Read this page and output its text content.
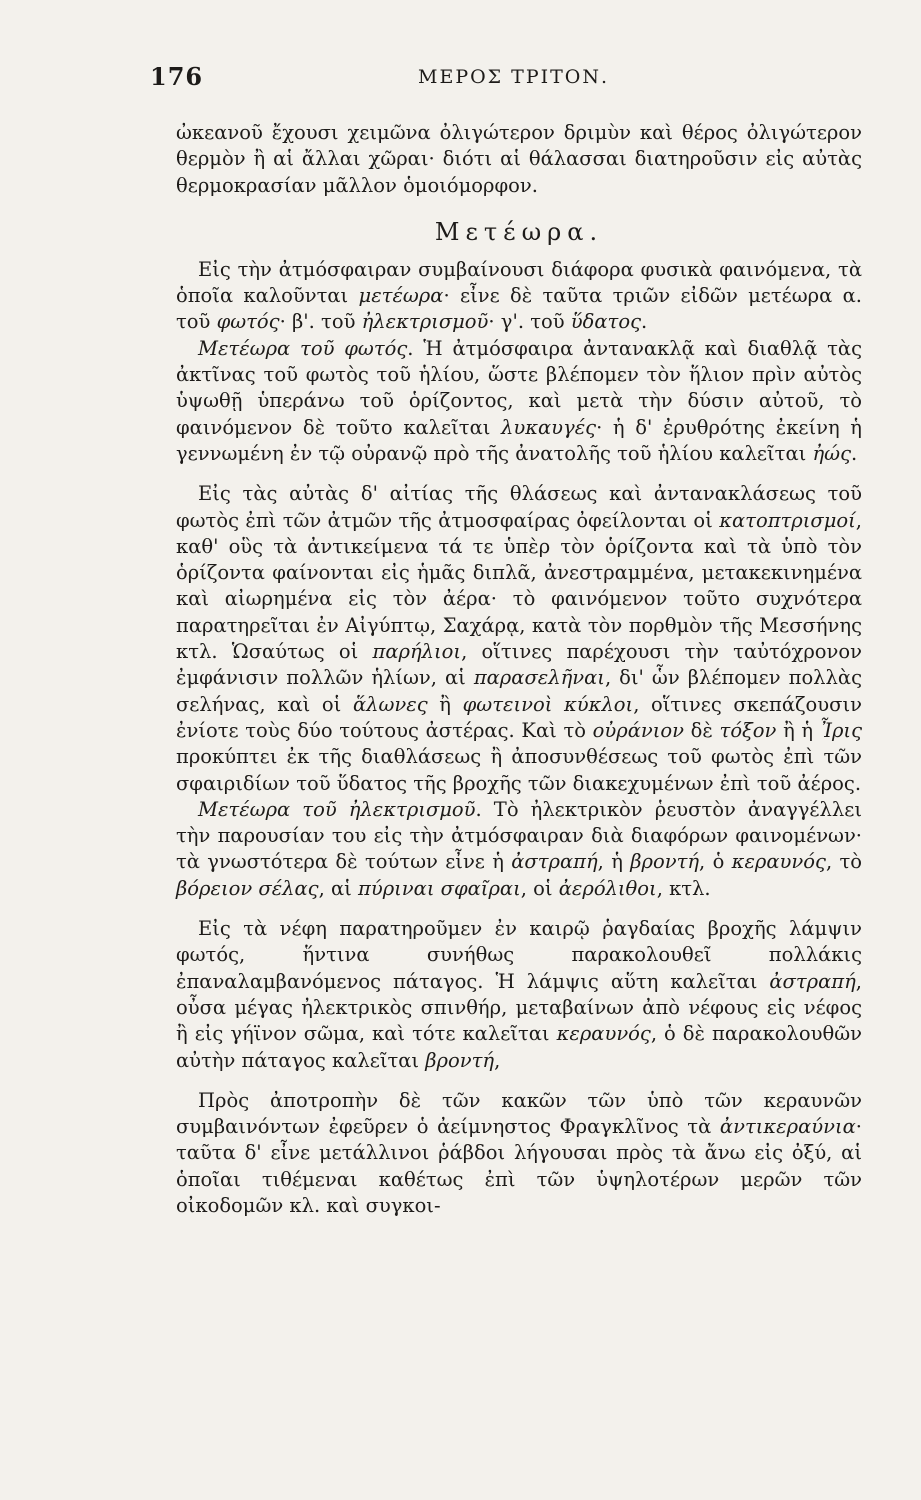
176	ΜΕΡΟΣ ΤΡΙΤΟΝ.

ὠκεανοῦ ἔχουσι χειμῶνα ὀλιγώτερον δριμὺν καὶ θέρος ὀλιγώτερον θερμὸν ἢ αἱ ἄλλαι χῶραι· διότι αἱ θάλασσαι διατηροῦσιν εἰς αὐτὰς θερμοκρασίαν μᾶλλον ὁμοιόμορφον.

Μετέωρα.

Εἰς τὴν ἀτμόσφαιραν συμβαίνουσι διάφορα φυσικὰ φαινόμενα, τὰ ὁποῖα καλοῦνται μετέωρα· εἶνε δὲ ταῦτα τριῶν εἰδῶν μετέωρα α. τοῦ φωτός· β'. τοῦ ἠλεκτρισμοῦ· γ'. τοῦ ὕδατος.

Μετέωρα τοῦ φωτός. Ἡ ἀτμόσφαιρα ἀντανακλᾷ καὶ διαθλᾷ τὰς ἀκτῖνας τοῦ φωτὸς τοῦ ἡλίου, ὥστε βλέπομεν τὸν ἥλιον πρὶν αὐτὸς ὑψωθῇ ὑπεράνω τοῦ ὁρίζοντος, καὶ μετὰ τὴν δύσιν αὐτοῦ, τὸ φαινόμενον δὲ τοῦτο καλεῖται λυκαυγές· ἡ δ' ἐρυθρότης ἐκείνη ἡ γεννωμένη ἐν τῷ οὐρανῷ πρὸ τῆς ἀνατολῆς τοῦ ἡλίου καλεῖται ἠώς.

Εἰς τὰς αὐτὰς δ' αἰτίας τῆς θλάσεως καὶ ἀντανακλάσεως τοῦ φωτὸς ἐπὶ τῶν ἀτμῶν τῆς ἀτμοσφαίρας ὀφείλονται οἱ κατοπτρισμοί, καθ' οὓς τὰ ἀντικείμενα τά τε ὑπὲρ τὸν ὁρίζοντα καὶ τὰ ὑπὸ τὸν ὁρίζοντα φαίνονται εἰς ἡμᾶς διπλᾶ, ἀνεστραμμένα, μετακεκινημένα καὶ αἰωρημένα εἰς τὸν ἀέρα· τὸ φαινόμενον τοῦτο συχνότερα παρατηρεῖται ἐν Αἰγύπτῳ, Σαχάρᾳ, κατὰ τὸν πορθμὸν τῆς Μεσσήνης κτλ. Ὡσαύτως οἱ παρήλιοι, οἵτινες παρέχουσι τὴν ταὐτόχρονον ἐμφάνισιν πολλῶν ἡλίων, αἱ παρασελῆναι, δι' ὧν βλέπομεν πολλὰς σελήνας, καὶ οἱ ἅλωνες ἢ φωτεινοὶ κύκλοι, οἵτινες σκεπάζουσιν ἐνίοτε τοὺς δύο τούτους ἀστέρας. Καὶ τὸ οὐράνιον δὲ τόξον ἢ ἡ Ἶρις προκύπτει ἐκ τῆς διαθλάσεως ἢ ἀποσυνθέσεως τοῦ φωτὸς ἐπὶ τῶν σφαιριδίων τοῦ ὕδατος τῆς βροχῆς τῶν διακεχυμένων ἐπὶ τοῦ ἀέρος.

Μετέωρα τοῦ ἠλεκτρισμοῦ. Τὸ ἠλεκτρικὸν ῥευστὸν ἀναγγέλλει τὴν παρουσίαν του εἰς τὴν ἀτμόσφαιραν διὰ διαφόρων φαινομένων· τὰ γνωστότερα δὲ τούτων εἶνε ἡ ἀστραπή, ἡ βροντή, ὁ κεραυνός, τὸ βόρειον σέλας, αἱ πύριναι σφαῖραι, οἱ ἀερόλιθοι, κτλ.

Εἰς τὰ νέφη παρατηροῦμεν ἐν καιρῷ ῥαγδαίας βροχῆς λάμψιν φωτός, ἥντινα συνήθως παρακολουθεῖ πολλάκις ἐπαναλαμβανόμενος πάταγος. Ἡ λάμψις αὕτη καλεῖται ἀστραπή, οὖσα μέγας ἠλεκτρικὸς σπινθήρ, μεταβαίνων ἀπὸ νέφους εἰς νέφος ἢ εἰς γήϊνον σῶμα, καὶ τότε καλεῖται κεραυνός, ὁ δὲ παρακολουθῶν αὐτὴν πάταγος καλεῖται βροντή,

Πρὸς ἀποτροπὴν δὲ τῶν κακῶν τῶν ὑπὸ τῶν κεραυνῶν συμβαινόντων ἐφεῦρεν ὁ ἀείμνηστος Φραγκλῖνος τὰ ἀντικεραύνια· ταῦτα δ' εἶνε μετάλλινοι ῥάβδοι λήγουσαι πρὸς τὰ ἄνω εἰς ὀξύ, αἱ ὁποῖαι τιθέμεναι καθέτως ἐπὶ τῶν ὑψηλοτέρων μερῶν τῶν οἰκοδομῶν κλ. καὶ συγκοι-
